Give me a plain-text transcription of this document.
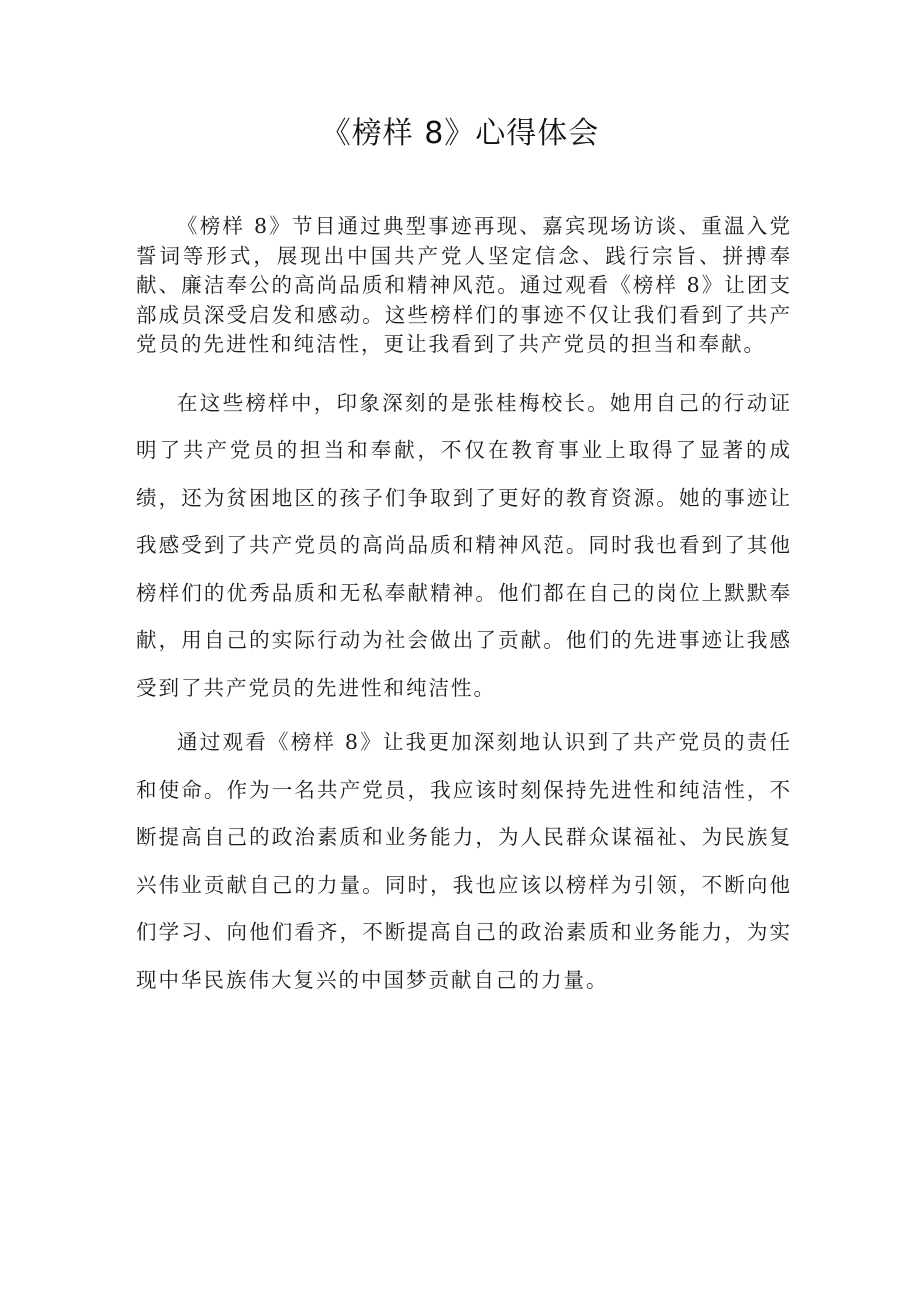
《榜样 8》心得体会

《榜样 8》节目通过典型事迹再现、嘉宾现场访谈、重温入党誓词等形式，展现出中国共产党人坚定信念、践行宗旨、拼搏奉献、廉洁奉公的高尚品质和精神风范。通过观看《榜样 8》让团支部成员深受启发和感动。这些榜样们的事迹不仅让我们看到了共产党员的先进性和纯洁性，更让我看到了共产党员的担当和奉献。

在这些榜样中，印象深刻的是张桂梅校长。她用自己的行动证明了共产党员的担当和奉献，不仅在教育事业上取得了显著的成绩，还为贫困地区的孩子们争取到了更好的教育资源。她的事迹让我感受到了共产党员的高尚品质和精神风范。同时我也看到了其他榜样们的优秀品质和无私奉献精神。他们都在自己的岗位上默默奉献，用自己的实际行动为社会做出了贡献。他们的先进事迹让我感受到了共产党员的先进性和纯洁性。

通过观看《榜样 8》让我更加深刻地认识到了共产党员的责任和使命。作为一名共产党员，我应该时刻保持先进性和纯洁性，不断提高自己的政治素质和业务能力，为人民群众谋福祉、为民族复兴伟业贡献自己的力量。同时，我也应该以榜样为引领，不断向他们学习、向他们看齐，不断提高自己的政治素质和业务能力，为实现中华民族伟大复兴的中国梦贡献自己的力量。
